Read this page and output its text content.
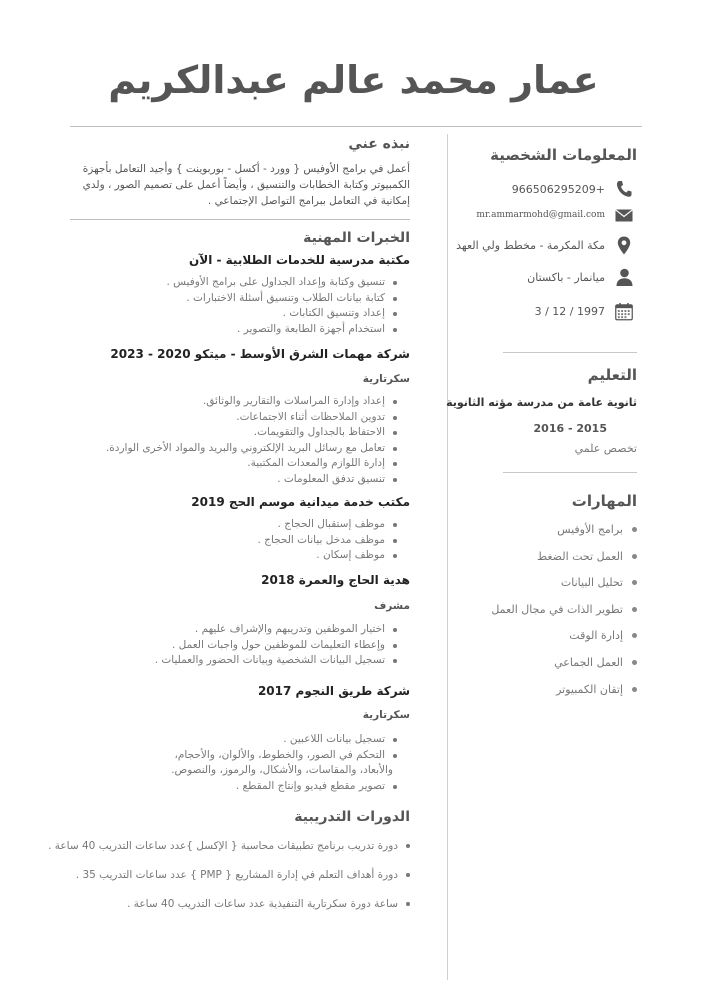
عمار محمد عالم عبدالكريم
المعلومات الشخصية
+966506295209
mr.ammarmohd@gmail.com
مكة المكرمة - مخطط ولي العهد
ميانمار - باكستان
3 / 12 / 1997
التعليم
ثانوية عامة من مدرسة مؤته الثانوية
2016 - 2015
تخصص علمي
المهارات
برامج الأوفيس
العمل تحت الضغط
تحليل البيانات
تطوير الذات في مجال العمل
إدارة الوقت
العمل الجماعي
إتقان الكمبيوتر
نبذه عني
أعمل في برامج الأوفيس { وورد - أكسل - بوربوينت } وأجيد التعامل بأجهزة الكمبيوتر وكتابة الخطابات والتنسيق ، وأيضاً أعمل على تصميم الصور ، ولدي إمكانية في التعامل ببرامج التواصل الإجتماعي .
الخبرات المهنية
مكتبة مدرسية للخدمات الطلابية - الآن
تنسيق وكتابة وإعداد الجداول على برامج الأوفيس .
كتابة بيانات الطلاب وتنسيق أسئلة الاختبارات .
إعداد وتنسيق الكتابات .
استخدام أجهزة الطابعة والتصوير .
شركة مهمات الشرق الأوسط - ميتكو 2020 - 2023
سكرتارية
إعداد وإدارة المراسلات والتقارير والوثائق.
تدوين الملاحظات أثناء الاجتماعات.
الاحتفاظ بالجداول والتقويمات.
تعامل مع رسائل البريد الإلكتروني والبريد والمواد الأخرى الواردة.
إدارة اللوازم والمعدات المكتبية.
تنسيق تدفق المعلومات .
مكتب خدمة ميدانية موسم الحج 2019
موظف إستقبال الحجاج .
موظف مدخل بيانات الحجاج .
موظف إسكان .
هدية الحاج والعمرة 2018
مشرف
اختيار الموظفين وتدريبهم والإشراف عليهم .
وإعطاء التعليمات للموظفين حول واجبات العمل .
تسجيل البيانات الشخصية وبيانات الحضور والعمليات .
شركة طريق النجوم 2017
سكرتارية
تسجيل بيانات اللاعبين .
التحكم في الصور، والخطوط، والألوان، والأحجام،
والأبعاد، والمقاسات، والأشكال، والرموز، والنصوص.
تصوير مقطع فيديو وإنتاج المقطع .
الدورات التدريبية
دورة تدريب برنامج تطبيقات محاسبة { الإكسل }عدد ساعات التدريب 40 ساعة .
دورة أهداف التعلم في إدارة المشاريع { PMP } عدد ساعات التدريب 35 .
ساعة دورة سكرتارية التنفيذية عدد ساعات التدريب 40 ساعة .
